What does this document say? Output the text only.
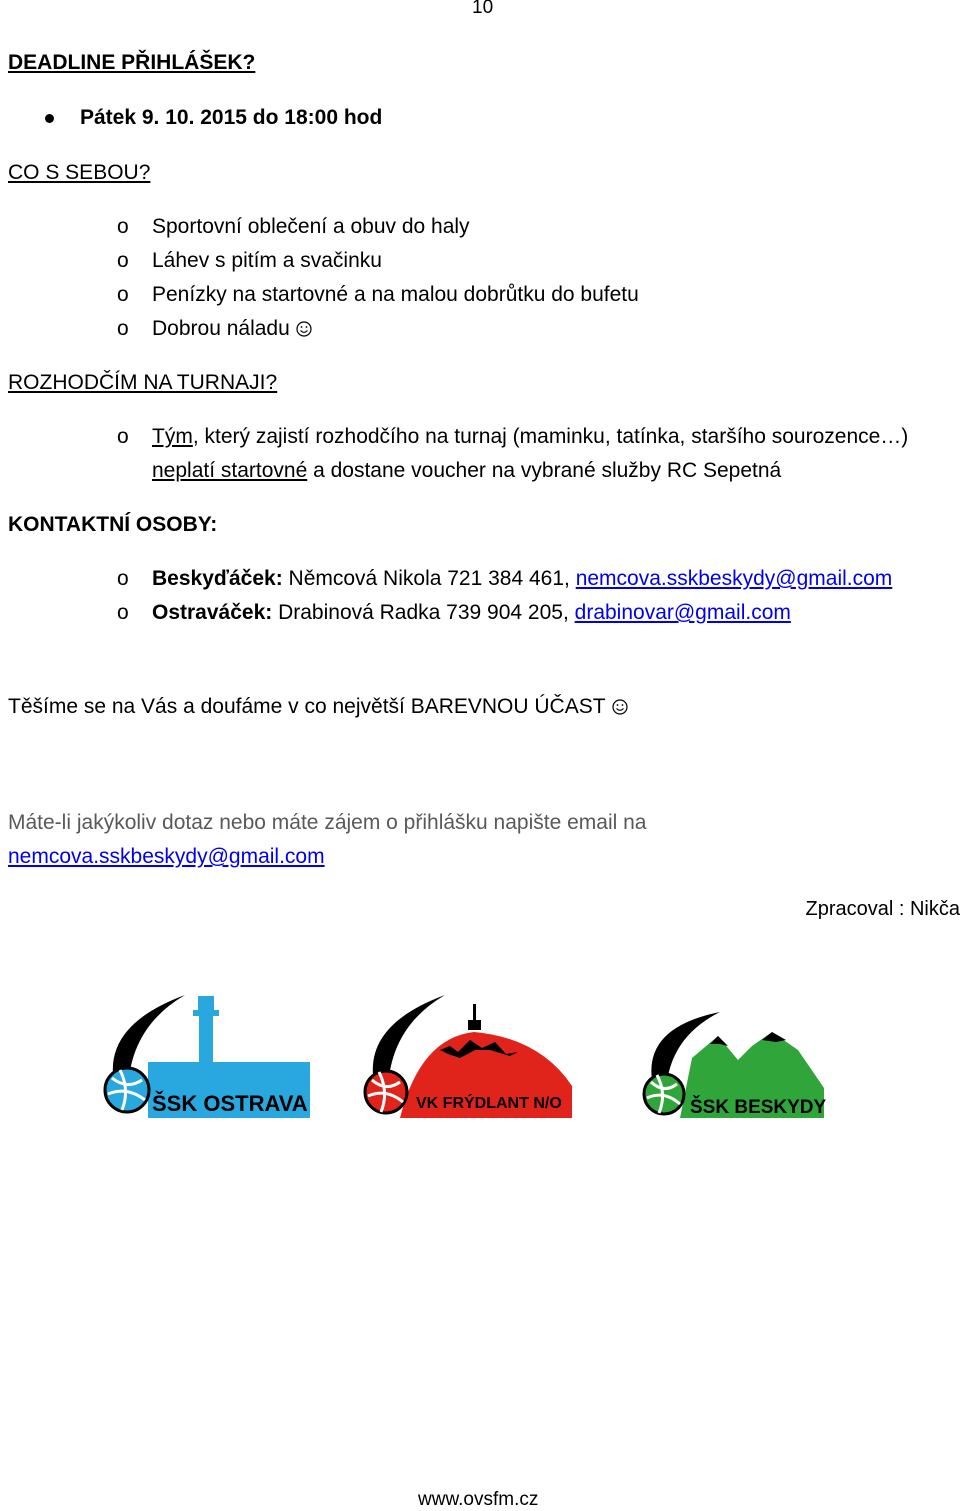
10
DEADLINE PŘIHLÁŠEK?
Pátek 9. 10. 2015 do 18:00 hod
CO S SEBOU?
o Sportovní oblečení a obuv do haly
o Láhev s pitím a svačinku
o Penízky na startovné a na malou dobrůtku do bufetu
o Dobrou náladu
ROZHODČÍM NA TURNAJI?
o Tým, který zajistí rozhodčího na turnaj (maminku, tatínka, staršího sourozence…)
neplatí startovné a dostane voucher na vybrané služby RC Sepetná
KONTAKTNÍ OSOBY:
o Beskyďáček: Němcová Nikola 721 384 461, nemcova.sskbeskydy@gmail.com
o Ostraváček: Drabinová Radka 739 904 205, drabinovar@gmail.com
Těšíme se na Vás a doufáme v co největší BAREVNOU ÚČAST
Máte-li jakýkoliv dotaz nebo máte zájem o přihlášku napište email na
nemcova.sskbeskydy@gmail.com
Zpracoval : Nikča
ŠSK OSTRAVA	VK FRÝDLANT N/O	ŠSK BESKYDY
www.ovsfm.cz
